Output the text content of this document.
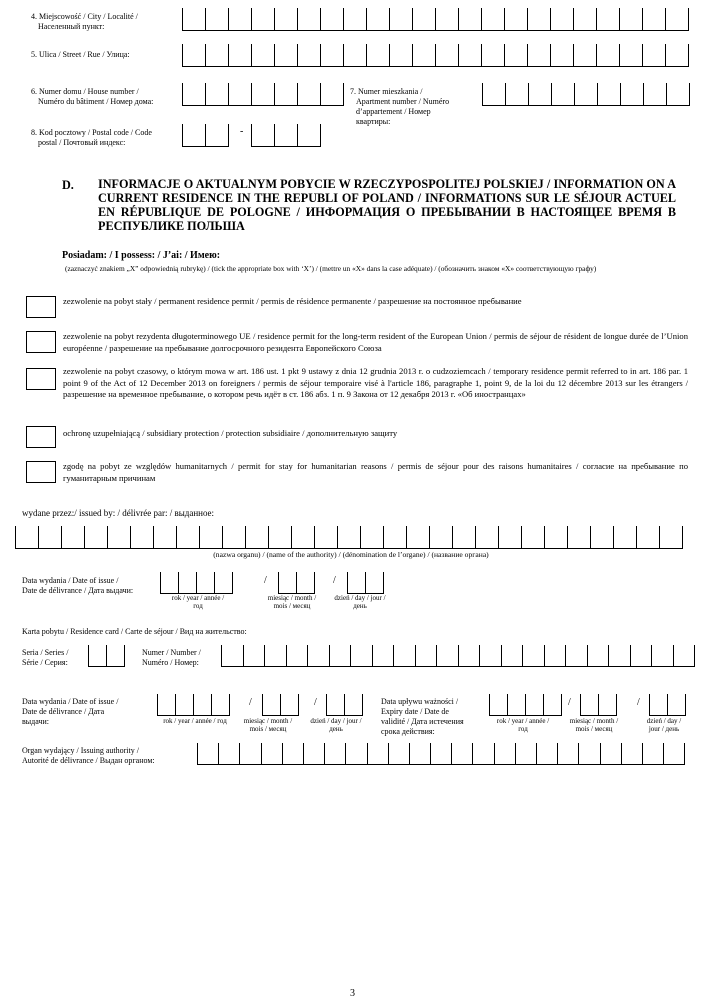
4. Miejscowość / City / Localité /
Населенный пункт:
5. Ulica / Street / Rue / Улица:
6. Numer domu / House number /
Numéro du bâtiment / Номер дома:
7. Numer mieszkania /
Apartment number / Numéro
d’appartement / Номер
квартиры:
8. Kod pocztowy / Postal code / Code
postal / Почтовый индекс:
-
D. INFORMACJE O AKTUALNYM POBYCIE W RZECZYPOSPOLITEJ POLSKIEJ / INFORMATION ON A CURRENT RESIDENCE IN THE REPUBLI OF POLAND / INFORMATIONS SUR LE SÉJOUR ACTUEL EN RÉPUBLIQUE DE POLOGNE / ИНФОРМАЦИЯ О ПРЕБЫВАНИИ В НАСТОЯЩЕЕ ВРЕМЯ В РЕСПУБЛИКЕ ПОЛЬША
Posiadam: / I possess: / J’ai: / Имею:
(zaznaczyć znakiem „X” odpowiednią rubrykę) / (tick the appropriate box with ‘X’) / (mettre un «X» dans la case adéquate) / (обозначить знаком «X» соответствующую графу)
zezwolenie na pobyt stały / permanent residence permit / permis de résidence permanente / разрешение на постоянное пребывание
zezwolenie na pobyt rezydenta długoterminowego UE / residence permit for the long-term resident of the European Union / permis de séjour de résident de longue durée de l’Union européenne / разрешение на пребывание долгосрочного резидента Европейского Союза
zezwolenie na pobyt czasowy, o którym mowa w art. 186 ust. 1 pkt 9 ustawy z dnia 12 grudnia 2013 r. o cudzoziemcach / temporary residence permit referred to in art. 186 par. 1 point 9 of the Act of 12 December 2013 on foreigners / permis de séjour temporaire visé à l'article 186, paragraphe 1, point 9, de la loi du 12 décembre 2013 sur les étrangers / разрешение на временное пребывание, о котором речь идёт в ст. 186 абз. 1 п. 9 Закона от 12 декабря 2013 г. «Об иностранцах»
ochronę uzupełniającą / subsidiary protection / protection subsidiaire / дополнительную защиту
zgodę na pobyt ze względów humanitarnych / permit for stay for humanitarian reasons / permis de séjour pour des raisons humanitaires / согласие на пребывание по гуманитарным причинам
wydane przez:/ issued by: / délivrée par: / выданное:
(nazwa organu) / (name of the authority) / (dénomination de l’organe) / (название органа)
Data wydania / Date of issue /
Date de délivrance / Дата выдачи:
/	/
rok / year / année /
год
miesiąc / month /
mois / месяц
dzień / day / jour /
день
Karta pobytu / Residence card / Carte de séjour / Вид на жительство:
Seria / Series /
Série / Серия:
Numer / Number /
Numéro / Номер:
Data wydania / Date of issue /
Date de délivrance / Дата
выдачи:
/	/
rok / year / année / год	miesiąc / month /
mois / месяц
dzień / day / jour /
день
Data upływu ważności /
Expiry date / Date de
validité / Дата истечения
срока действия:
/	/
rok / year / année /
год
miesiąc / month /
mois / месяц
dzień / day /
jour / день
Organ wydający / Issuing authority /
Autorité de délivrance / Выдан органом:
3
